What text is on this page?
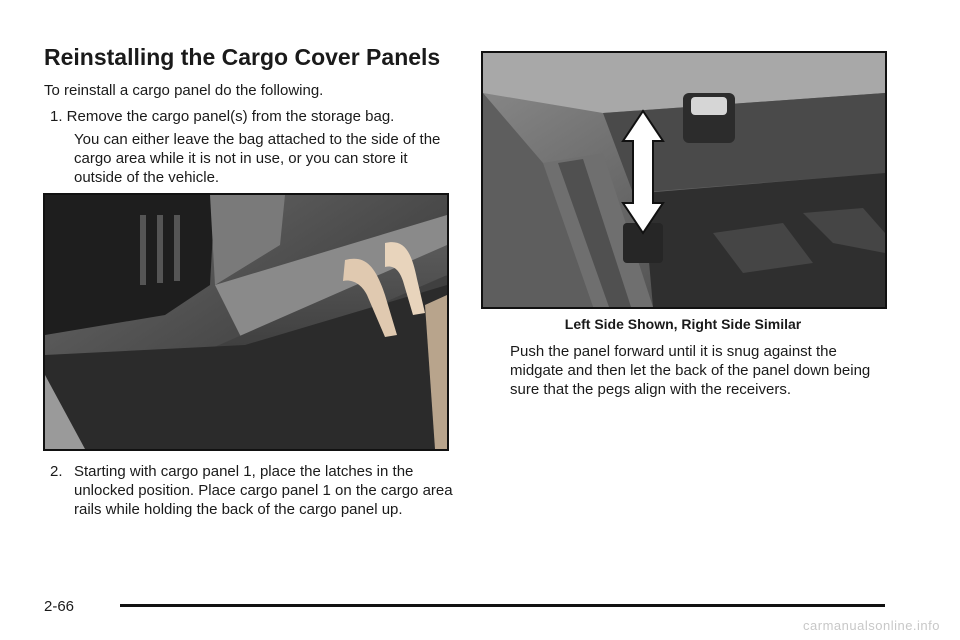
Reinstalling the Cargo Cover Panels
To reinstall a cargo panel do the following.
1. Remove the cargo panel(s) from the storage bag.
You can either leave the bag attached to the side of the cargo area while it is not in use, or you can store it outside of the vehicle.
Left Side Shown, Right Side Similar
Push the panel forward until it is snug against the midgate and then let the back of the panel down being sure that the pegs align with the receivers.
2. Starting with cargo panel 1, place the latches in the unlocked position. Place cargo panel 1 on the cargo area rails while holding the back of the cargo panel up.
2-66
carmanualsonline.info
